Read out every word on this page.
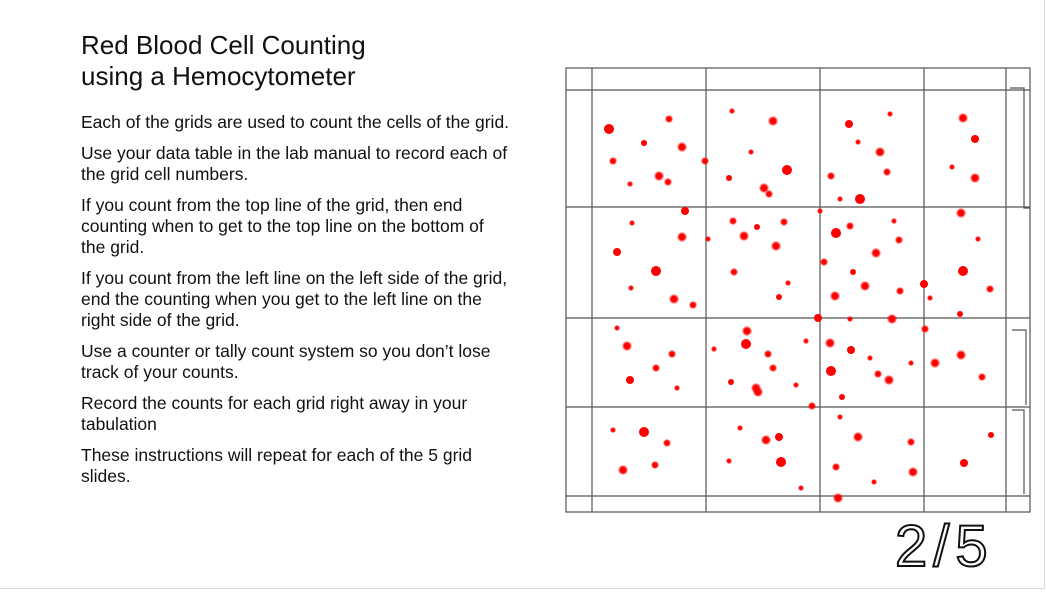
Red Blood Cell Counting
using a Hemocytometer

Each of the grids are used to count the cells of the grid.

Use your data table in the lab manual to record each of the grid cell numbers.

If you count from the top line of the grid, then end counting when to get to the top line on the bottom of the grid.

If you count from the left line on the left side of the grid, end the counting when you get to the left line on the right side of the grid.

Use a counter or tally count system so you don’t lose track of your counts.

Record the counts for each grid right away in your tabulation

These instructions will repeat for each of the 5 grid slides.

2/5
